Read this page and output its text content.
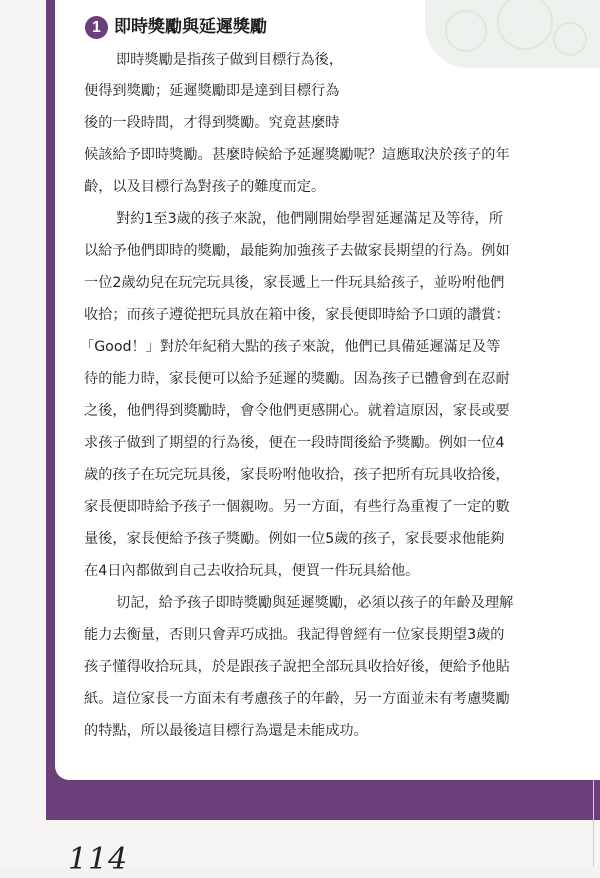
1 即時獎勵與延遲獎勵
即時獎勵是指孩子做到目標行為後，
便得到獎勵；延遲獎勵即是達到目標行為
後的一段時間，才得到獎勵。究竟甚麼時
候該給予即時獎勵。甚麼時候給予延遲獎勵呢？這應取決於孩子的年
齡，以及目標行為對孩子的難度而定。
對約1至3歲的孩子來說，他們剛開始學習延遲滿足及等待，所
以給予他們即時的獎勵，最能夠加強孩子去做家長期望的行為。例如
一位2歲幼兒在玩完玩具後，家長遞上一件玩具給孩子，並吩咐他們
收拾；而孩子遵從把玩具放在箱中後，家長便即時給予口頭的讚賞：
「Good！」對於年紀稍大點的孩子來說，他們已具備延遲滿足及等
待的能力時，家長便可以給予延遲的獎勵。因為孩子已體會到在忍耐
之後，他們得到獎勵時，會令他們更感開心。就着這原因，家長或要
求孩子做到了期望的行為後，便在一段時間後給予獎勵。例如一位4
歲的孩子在玩完玩具後，家長吩咐他收拾，孩子把所有玩具收拾後，
家長便即時給予孩子一個親吻。另一方面，有些行為重複了一定的數
量後，家長便給予孩子獎勵。例如一位5歲的孩子，家長要求他能夠
在4日內都做到自己去收拾玩具，便買一件玩具給他。
切記，給予孩子即時獎勵與延遲獎勵，必須以孩子的年齡及理解
能力去衡量，否則只會弄巧成拙。我記得曾經有一位家長期望3歲的
孩子懂得收拾玩具，於是跟孩子說把全部玩具收拾好後，便給予他貼
紙。這位家長一方面未有考慮孩子的年齡，另一方面並未有考慮獎勵
的特點，所以最後這目標行為還是未能成功。
114
